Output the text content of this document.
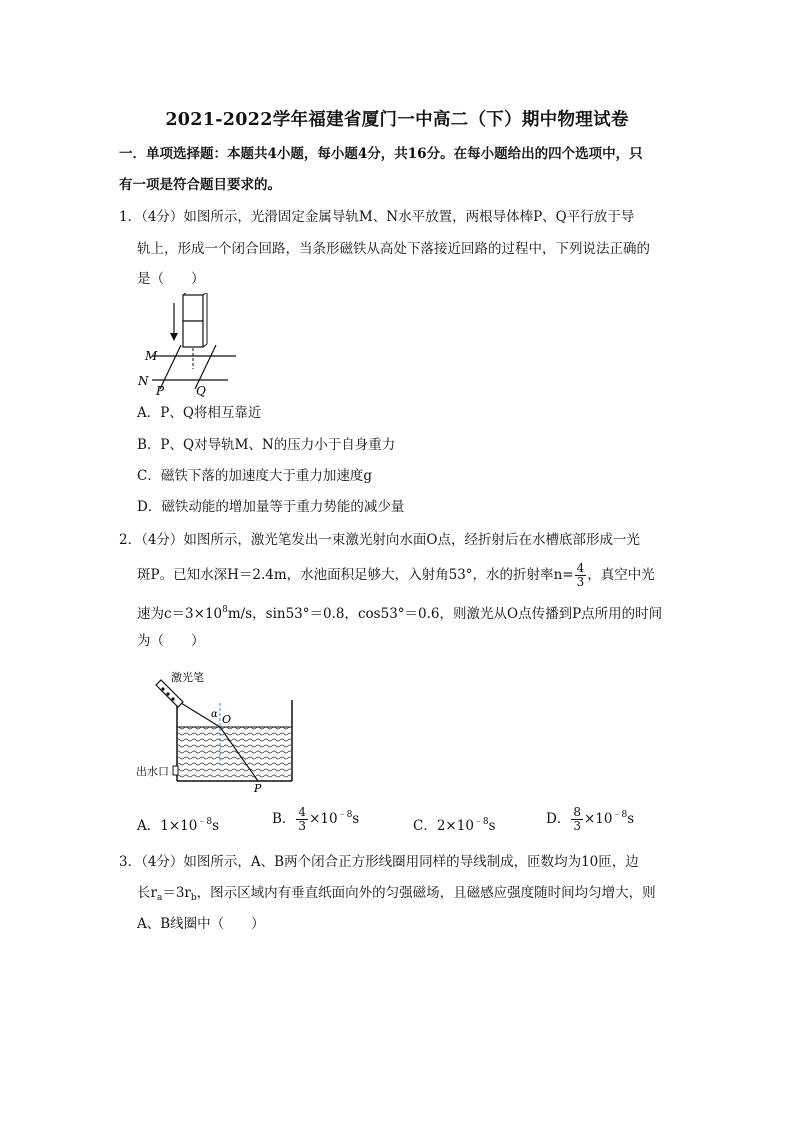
2021-2022学年福建省厦门一中高二（下）期中物理试卷
一．单项选择题：本题共4小题，每小题4分，共16分。在每小题给出的四个选项中，只
有一项是符合题目要求的。
1．（4分）如图所示，光滑固定金属导轨M、N水平放置，两根导体棒P、Q平行放于导
轨上，形成一个闭合回路，当条形磁铁从高处下落接近回路的过程中，下列说法正确的
是（　　）
M
N
P	Q
A．P、Q将相互靠近
B．P、Q对导轨M、N的压力小于自身重力
C．磁铁下落的加速度大于重力加速度g
D．磁铁动能的增加量等于重力势能的减少量
2．（4分）如图所示，激光笔发出一束激光射向水面O点，经折射后在水槽底部形成一光
斑P。已知水深H＝2.4m，水池面积足够大，入射角53°，水的折射率$n= \frac{4}{3}$ ，真空中光
速为$c=3\times 10^8m/s$，sin53°＝0.8，cos53°＝0.6，则激光从O点传播到P点所用的时间
为（　　）
激光笔
α O
出水口
P
A．$1\times 10^{﹣8}s$	B． $\frac{4}{3} \times 10^{﹣8}s$	C．$2\times 10^{﹣8}s$	D． $\frac{8}{3} \times 10^{﹣8}s$
3．（4分）如图所示，A、B两个闭合正方形线圈用同样的导线制成，匝数均为10匝，边
长$r_a=3r_b$，图示区域内有垂直纸面向外的匀强磁场，且磁感应强度随时间均匀增大，则
A、B线圈中（　　）
